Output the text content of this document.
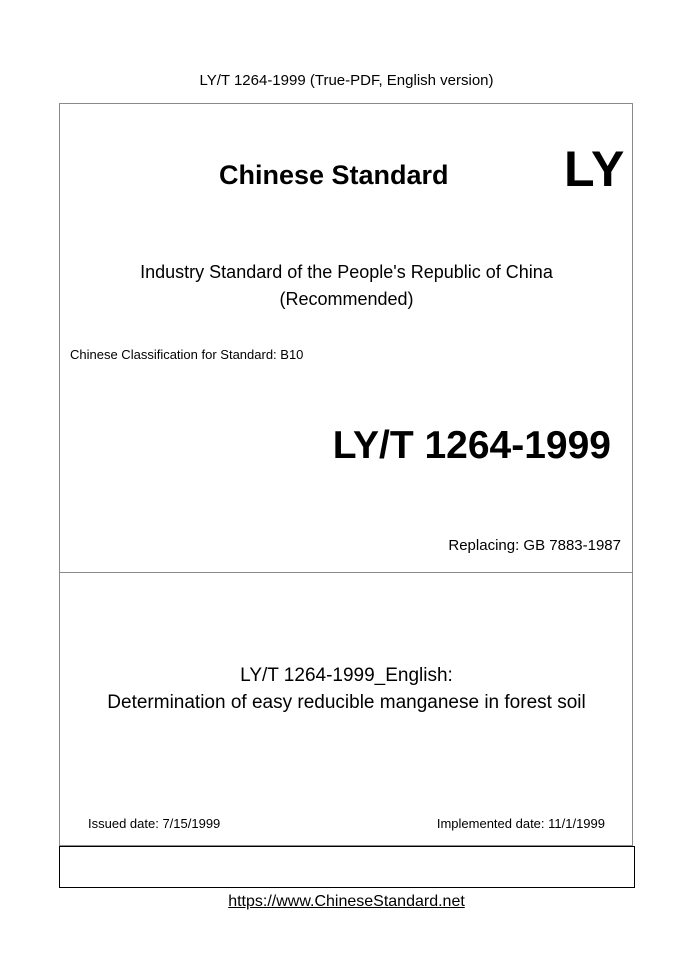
LY/T 1264-1999 (True-PDF, English version)
Chinese Standard LY
Industry Standard of the People's Republic of China
(Recommended)
Chinese Classification for Standard: B10
LY/T 1264-1999
Replacing: GB 7883-1987
LY/T 1264-1999_English:
Determination of easy reducible manganese in forest soil
Issued date: 7/15/1999	Implemented date: 11/1/1999
https://www.ChineseStandard.net
